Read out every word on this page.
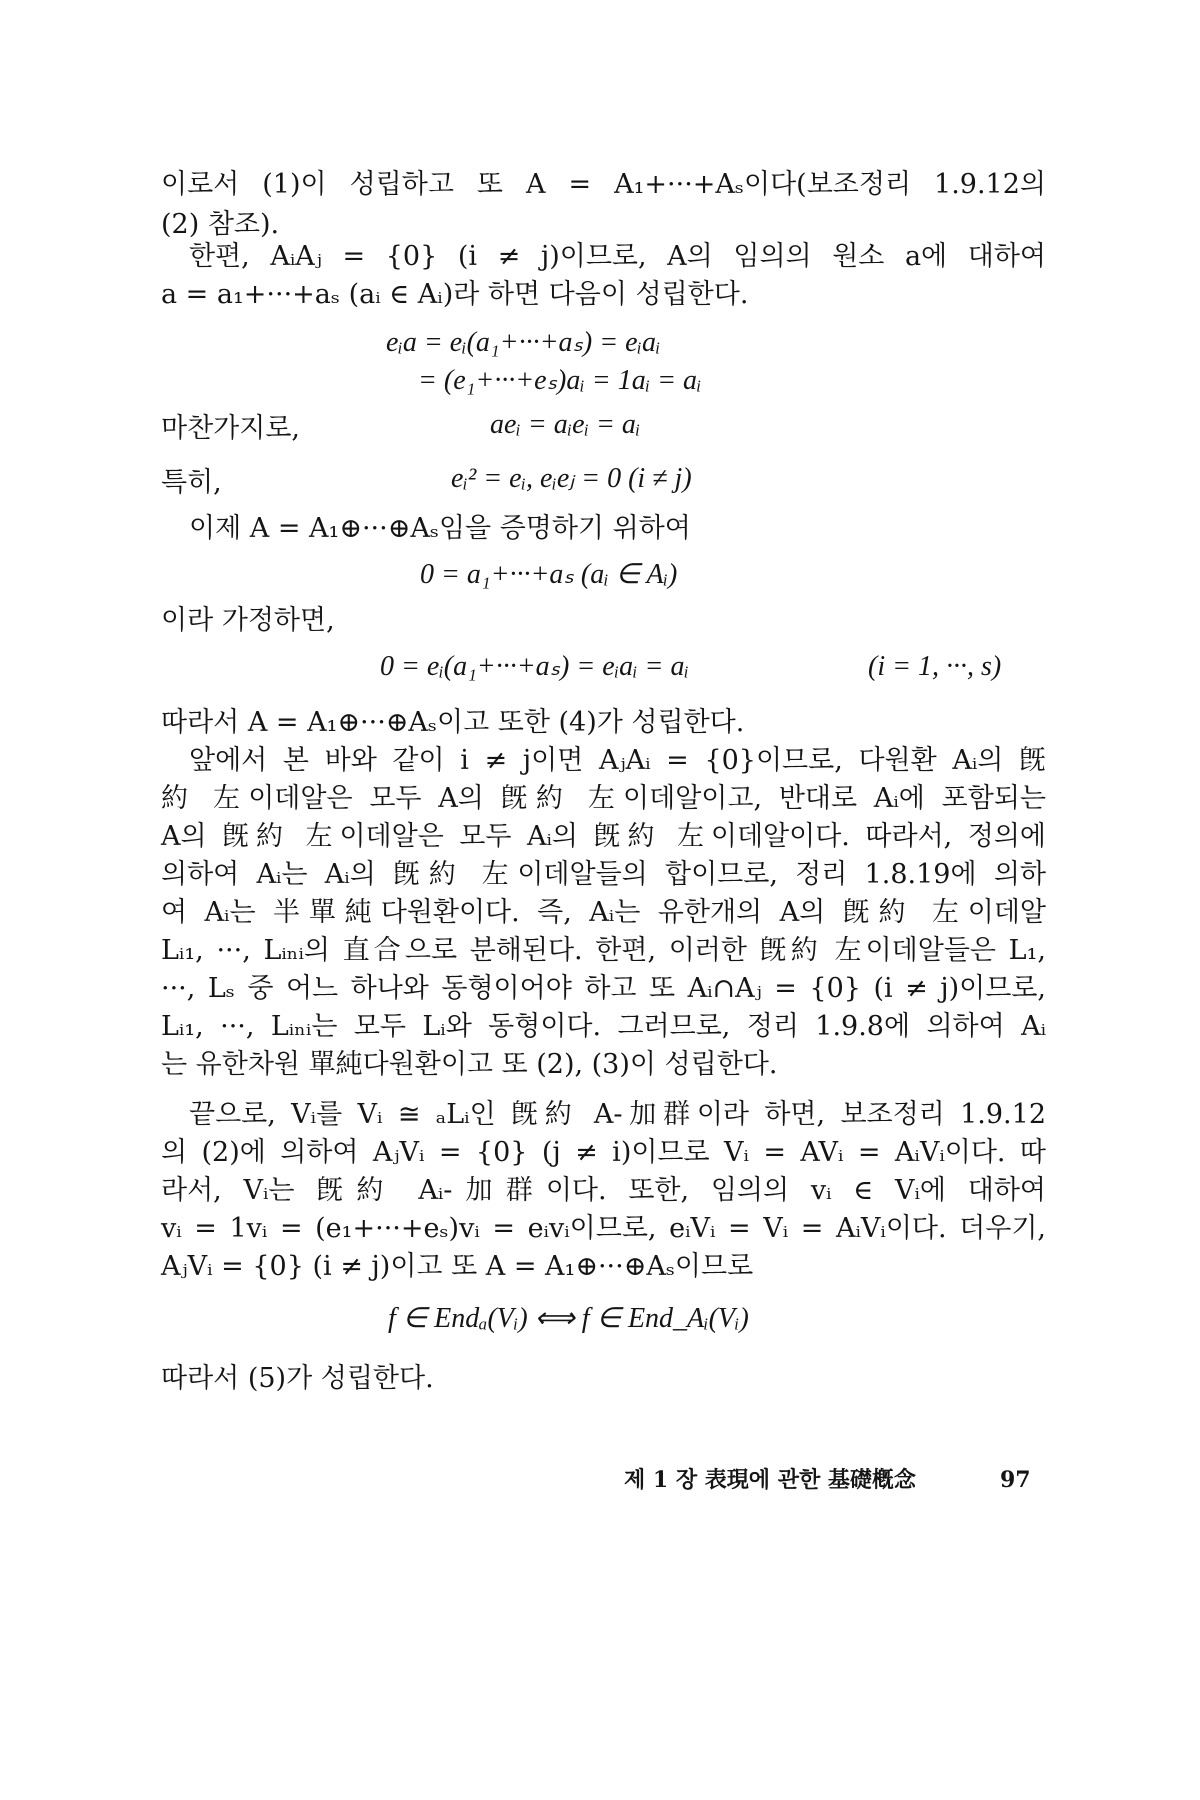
이로서 (1)이 성립하고 또 A = A₁+···+Aₛ이다(보조정리 1.9.12의
(2) 참조).
한편, AᵢAⱼ = {0} (i ≠ j)이므로, A의 임의의 원소 a에 대하여
a = a₁+···+aₛ (aᵢ ∈ Aᵢ)라 하면 다음이 성립한다.
eᵢa = eᵢ(a₁+···+aₛ) = eᵢaᵢ
= (e₁+···+eₛ)aᵢ = 1aᵢ = aᵢ
마찬가지로,	aeᵢ = aᵢeᵢ = aᵢ
특히,	eᵢ² = eᵢ, eᵢeⱼ = 0 (i ≠ j)
이제 A = A₁⊕···⊕Aₛ임을 증명하기 위하여
0 = a₁+···+aₛ (aᵢ ∈ Aᵢ)
이라 가정하면,
0 = eᵢ(a₁+···+aₛ) = eᵢaᵢ = aᵢ	(i = 1, ···, s)
따라서 A = A₁⊕···⊕Aₛ이고 또한 (4)가 성립한다.
앞에서 본 바와 같이 i ≠ j이면 AⱼAᵢ = {0}이므로, 다원환 Aᵢ의 旣
約 左이데알은 모두 A의 旣約 左이데알이고, 반대로 Aᵢ에 포함되는
A의 旣約 左이데알은 모두 Aᵢ의 旣約 左이데알이다. 따라서, 정의에
의하여 Aᵢ는 Aᵢ의 旣約 左이데알들의 합이므로, 정리 1.8.19에 의하
여 Aᵢ는 半單純다원환이다. 즉, Aᵢ는 유한개의 A의 旣約 左이데알
Lᵢ₁, ···, Lᵢₙᵢ의 直合으로 분해된다. 한편, 이러한 旣約 左이데알들은 L₁,
···, Lₛ 중 어느 하나와 동형이어야 하고 또 Aᵢ∩Aⱼ = {0} (i ≠ j)이므로,
Lᵢ₁, ···, Lᵢₙᵢ는 모두 Lᵢ와 동형이다. 그러므로, 정리 1.9.8에 의하여 Aᵢ
는 유한차원 單純다원환이고 또 (2), (3)이 성립한다.
끝으로, Vᵢ를 Vᵢ ≅ ₐLᵢ인 旣約 A-加群이라 하면, 보조정리 1.9.12
의 (2)에 의하여 AⱼVᵢ = {0} (j ≠ i)이므로 Vᵢ = AVᵢ = AᵢVᵢ이다. 따
라서, Vᵢ는 旣約 Aᵢ-加群이다. 또한, 임의의 vᵢ ∈ Vᵢ에 대하여
vᵢ = 1vᵢ = (e₁+···+eₛ)vᵢ = eᵢvᵢ이므로, eᵢVᵢ = Vᵢ = AᵢVᵢ이다. 더우기,
AⱼVᵢ = {0} (i ≠ j)이고 또 A = A₁⊕···⊕Aₛ이므로
f ∈ Endₐ(Vᵢ) ⟺ f ∈ End_Aᵢ(Vᵢ)
따라서 (5)가 성립한다.
제 1 장 表現에 관한 基礎槪念	97
